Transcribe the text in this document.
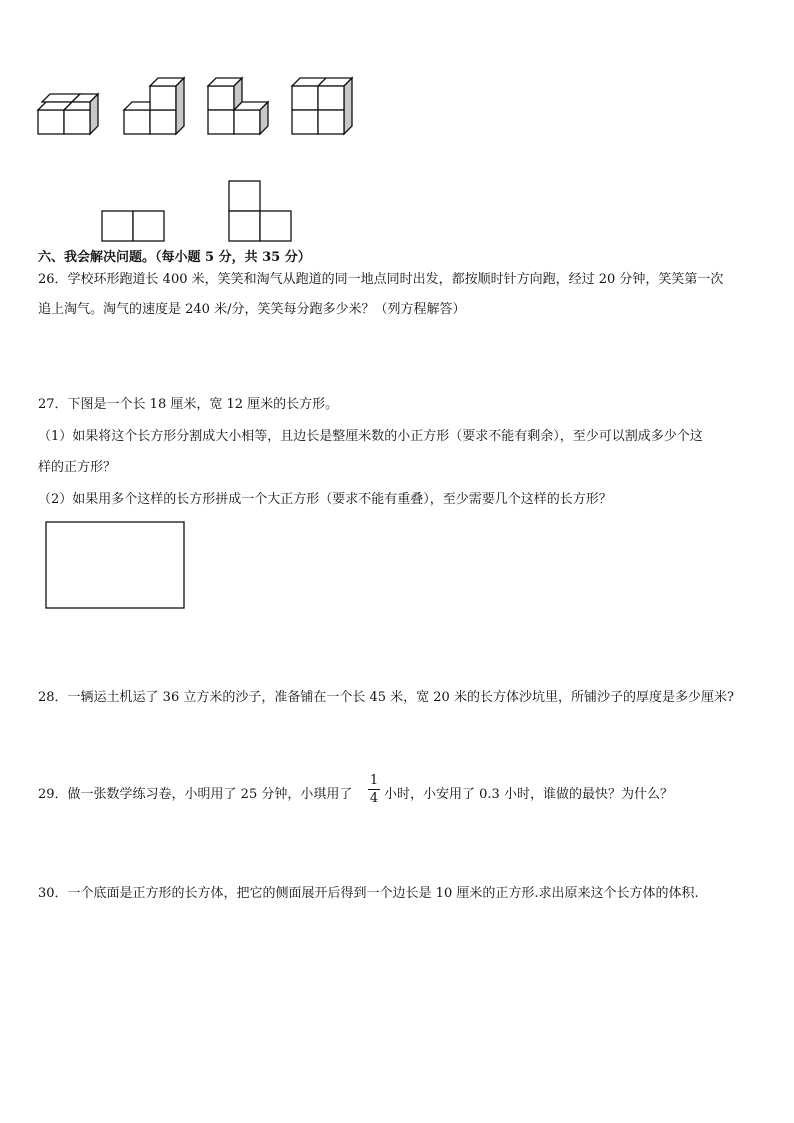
六、我会解决问题。（每小题 5 分，共 35 分）
26．学校环形跑道长 400 米，笑笑和淘气从跑道的同一地点同时出发，都按顺时针方向跑，经过 20 分钟，笑笑第一次
追上淘气。淘气的速度是 240 米/分，笑笑每分跑多少米？（列方程解答）
27．下图是一个长 18 厘米，宽 12 厘米的长方形。
（1）如果将这个长方形分割成大小相等，且边长是整厘米数的小正方形（要求不能有剩余），至少可以割成多少个这
样的正方形？
（2）如果用多个这样的长方形拼成一个大正方形（要求不能有重叠），至少需要几个这样的长方形？
28．一辆运土机运了 36 立方米的沙子，准备铺在一个长 45 米，宽 20 米的长方体沙坑里，所铺沙子的厚度是多少厘米?
29．做一张数学练习卷，小明用了 25 分钟，小琪用了
1
4 小时，小安用了 0.3 小时，谁做的最快？为什么？
30．一个底面是正方形的长方体，把它的侧面展开后得到一个边长是 10 厘米的正方形.求出原来这个长方体的体积.
